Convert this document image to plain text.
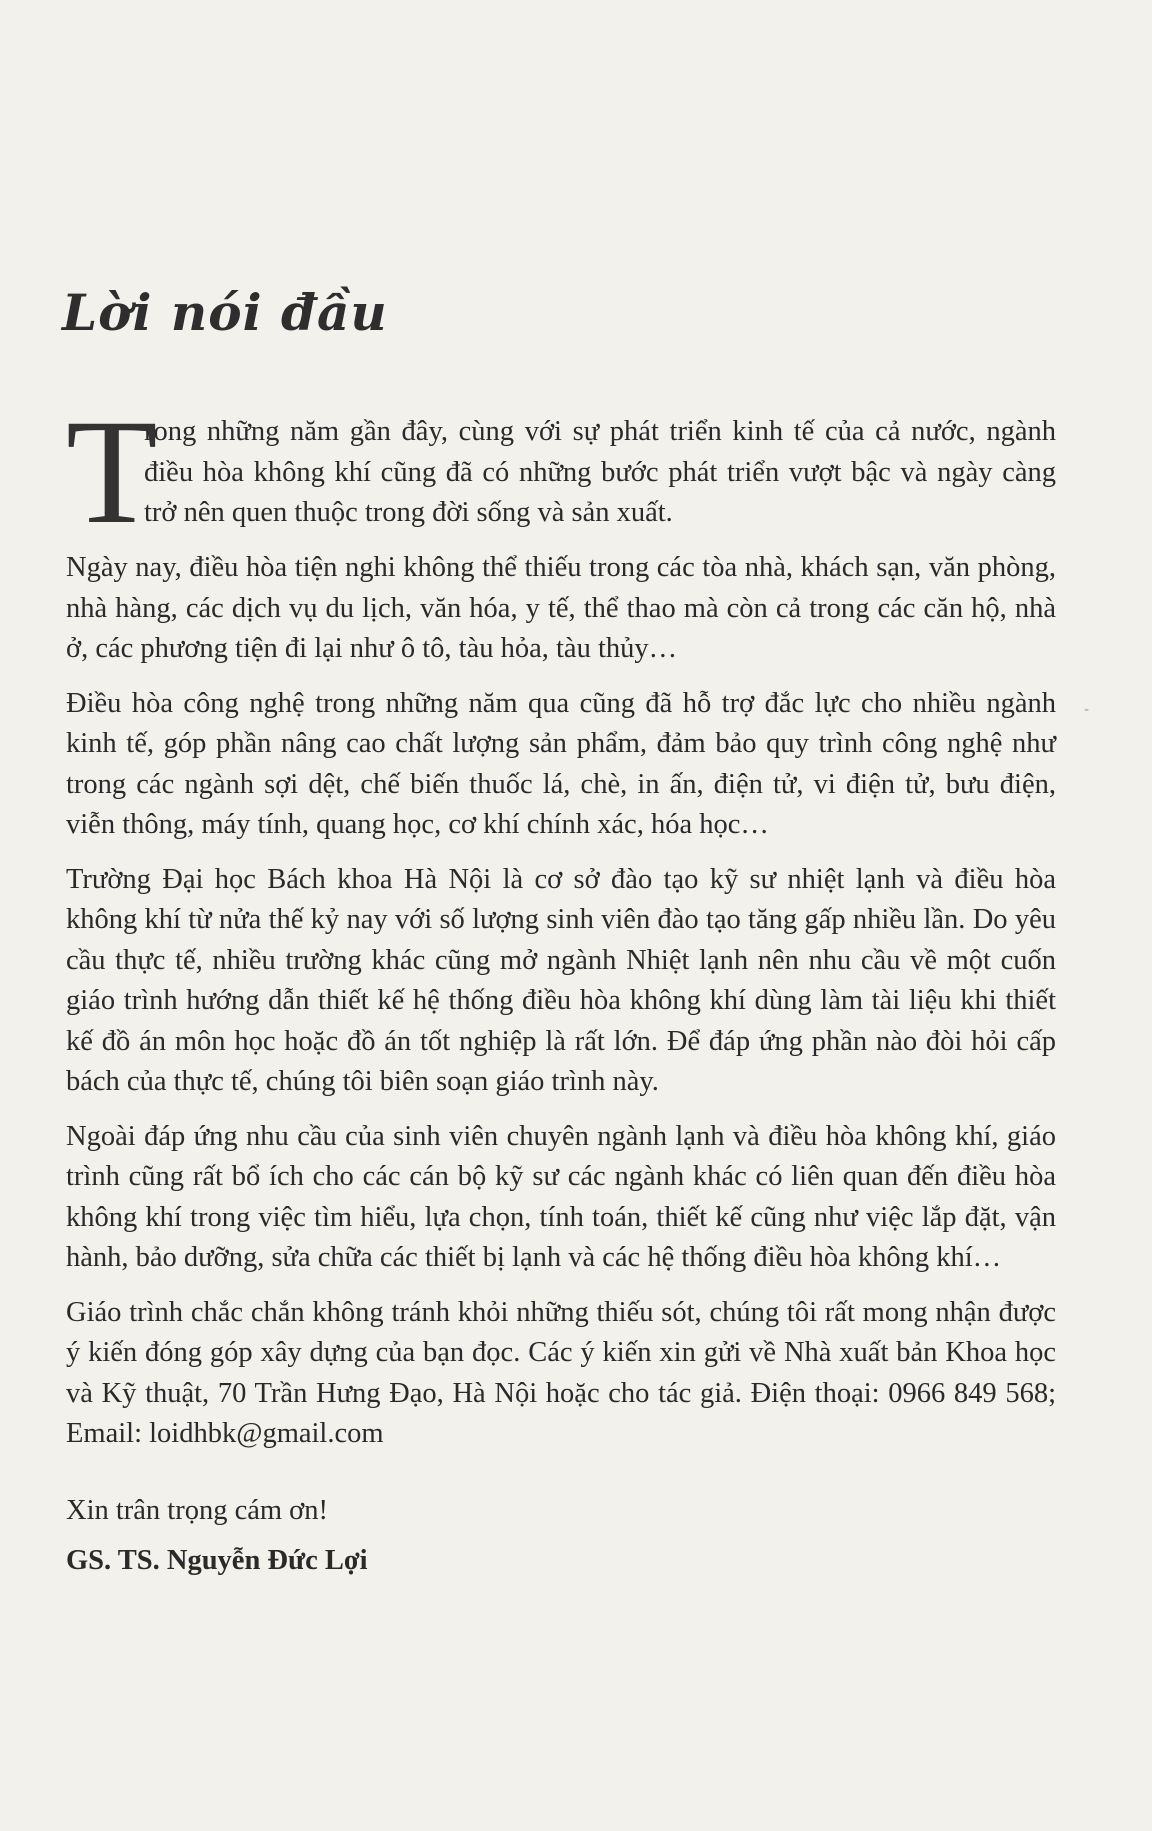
Lời nói đầu

T
rong những năm gần đây, cùng với sự phát triển kinh tế của cả nước, ngành điều hòa không khí cũng đã có những bước phát triển vượt bậc và ngày càng trở nên quen thuộc trong đời sống và sản xuất.

Ngày nay, điều hòa tiện nghi không thể thiếu trong các tòa nhà, khách sạn, văn phòng, nhà hàng, các dịch vụ du lịch, văn hóa, y tế, thể thao mà còn cả trong các căn hộ, nhà ở, các phương tiện đi lại như ô tô, tàu hỏa, tàu thủy…

Điều hòa công nghệ trong những năm qua cũng đã hỗ trợ đắc lực cho nhiều ngành kinh tế, góp phần nâng cao chất lượng sản phẩm, đảm bảo quy trình công nghệ như trong các ngành sợi dệt, chế biến thuốc lá, chè, in ấn, điện tử, vi điện tử, bưu điện, viễn thông, máy tính, quang học, cơ khí chính xác, hóa học…

Trường Đại học Bách khoa Hà Nội là cơ sở đào tạo kỹ sư nhiệt lạnh và điều hòa không khí từ nửa thế kỷ nay với số lượng sinh viên đào tạo tăng gấp nhiều lần. Do yêu cầu thực tế, nhiều trường khác cũng mở ngành Nhiệt lạnh nên nhu cầu về một cuốn giáo trình hướng dẫn thiết kế hệ thống điều hòa không khí dùng làm tài liệu khi thiết kế đồ án môn học hoặc đồ án tốt nghiệp là rất lớn. Để đáp ứng phần nào đòi hỏi cấp bách của thực tế, chúng tôi biên soạn giáo trình này.

Ngoài đáp ứng nhu cầu của sinh viên chuyên ngành lạnh và điều hòa không khí, giáo trình cũng rất bổ ích cho các cán bộ kỹ sư các ngành khác có liên quan đến điều hòa không khí trong việc tìm hiểu, lựa chọn, tính toán, thiết kế cũng như việc lắp đặt, vận hành, bảo dưỡng, sửa chữa các thiết bị lạnh và các hệ thống điều hòa không khí…

Giáo trình chắc chắn không tránh khỏi những thiếu sót, chúng tôi rất mong nhận được ý kiến đóng góp xây dựng của bạn đọc. Các ý kiến xin gửi về Nhà xuất bản Khoa học và Kỹ thuật, 70 Trần Hưng Đạo, Hà Nội hoặc cho tác giả. Điện thoại: 0966 849 568; Email: loidhbk@gmail.com

Xin trân trọng cám ơn!

GS. TS. Nguyễn Đức Lợi

-
